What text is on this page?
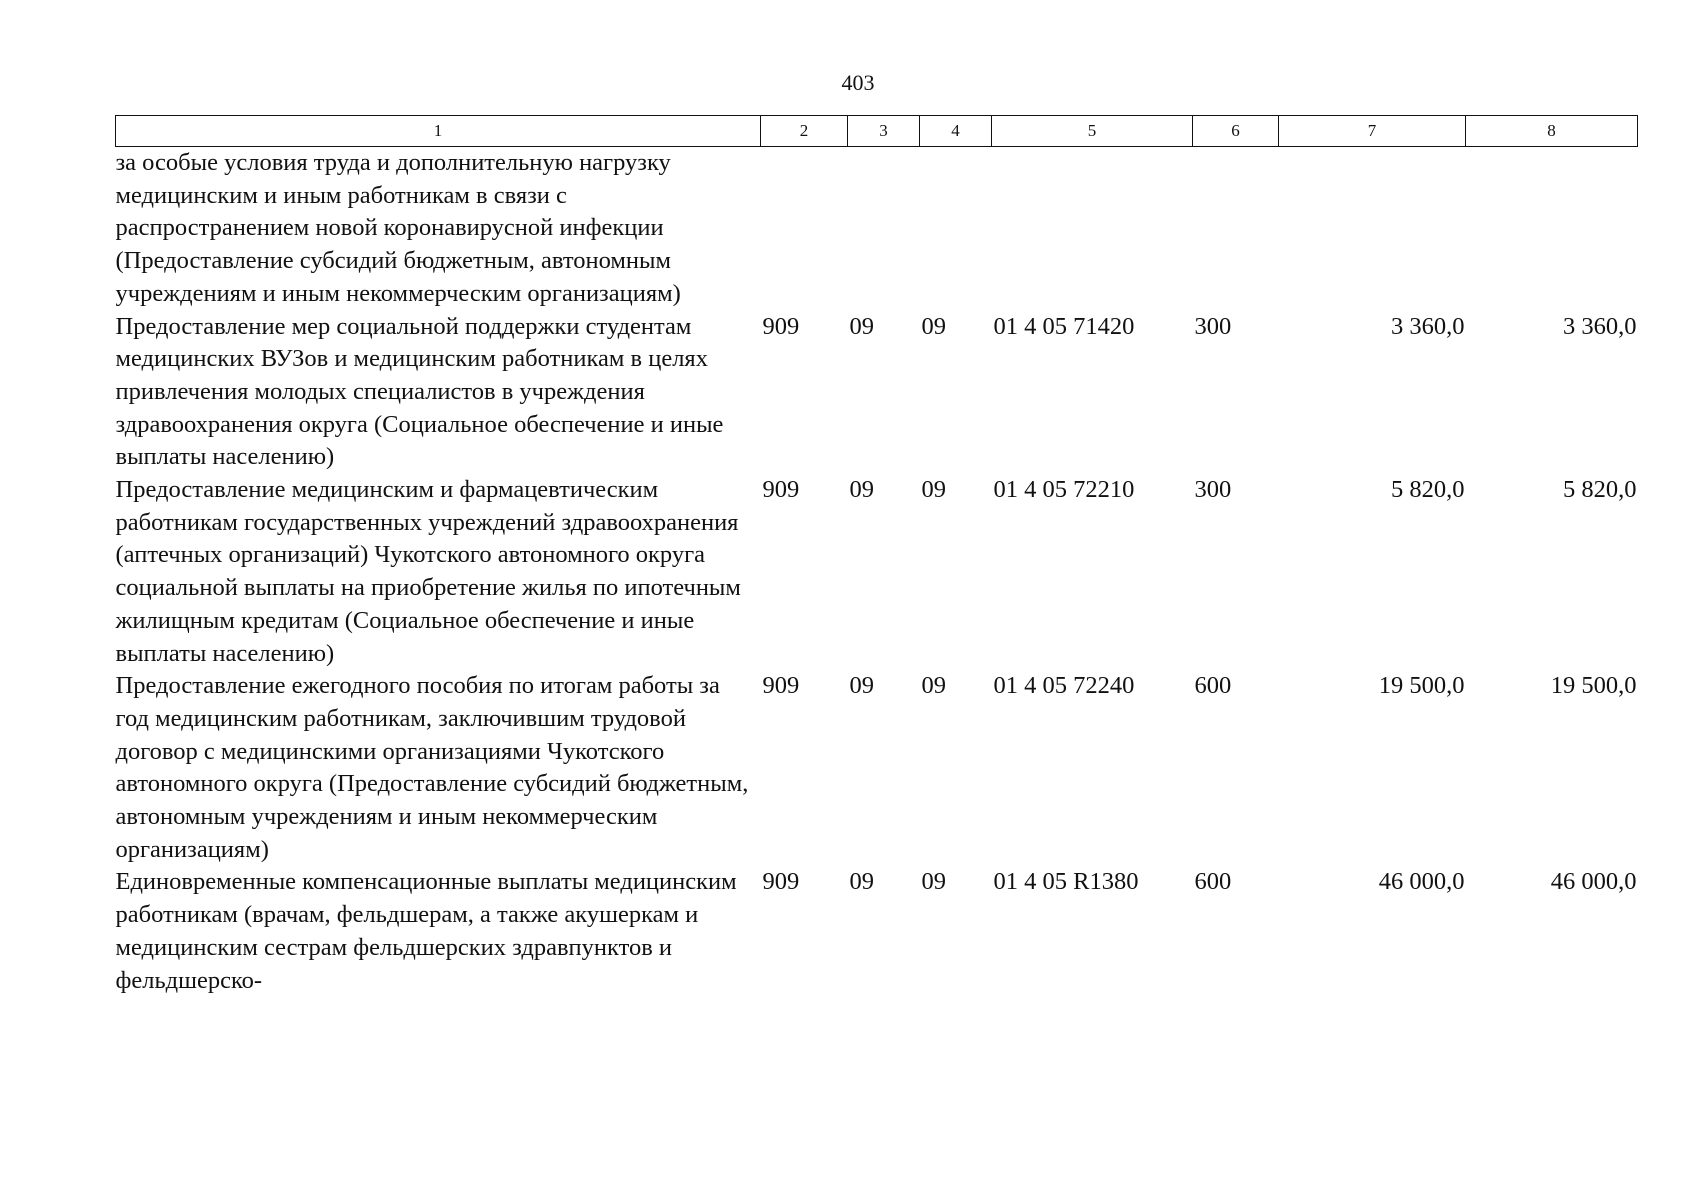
403
1	2	3	4	5	6	7	8
за особые условия труда и дополнительную нагрузку медицинским и иным работникам в связи с распространением новой коронавирусной инфекции (Предоставление субсидий бюджетным, автономным учреждениям и иным некоммерческим организациям)							
Предоставление мер социальной поддержки студентам медицинских ВУЗов и медицинским работникам в целях привлечения молодых специалистов в учреждения здравоохранения округа (Социальное обеспечение и иные выплаты населению)	909	09	09	01 4 05 71420	300	3 360,0	3 360,0
Предоставление медицинским и фармацевтическим работникам государственных учреждений здравоохранения (аптечных организаций) Чукотского автономного округа социальной выплаты на приобретение жилья по ипотечным жилищным кредитам (Социальное обеспечение и иные выплаты населению)	909	09	09	01 4 05 72210	300	5 820,0	5 820,0
Предоставление ежегодного пособия по итогам работы за год медицинским работникам, заключившим трудовой договор с медицинскими организациями Чукотского автономного округа (Предоставление субсидий бюджетным, автономным учреждениям и иным некоммерческим организациям)	909	09	09	01 4 05 72240	600	19 500,0	19 500,0
Единовременные компенсационные выплаты медицинским работникам (врачам, фельдшерам, а также акушеркам и медицинским сестрам фельдшерских здравпунктов и фельдшерско-	909	09	09	01 4 05 R1380	600	46 000,0	46 000,0
